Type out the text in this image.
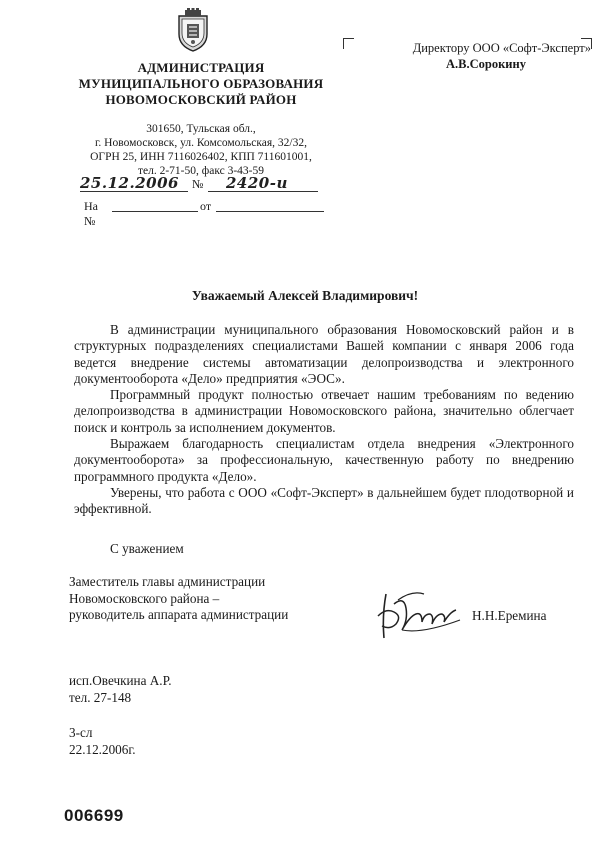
АДМИНИСТРАЦИЯ
МУНИЦИПАЛЬНОГО ОБРАЗОВАНИЯ
НОВОМОСКОВСКИЙ РАЙОН
301650, Тульская обл.,
г. Новомосковск, ул. Комсомольская, 32/32,
ОГРН 25, ИНН 7116026402, КПП 711601001,
тел. 2-71-50, факс 3-43-59
25.12.2006 № 2420-и
На №
от
Директору ООО «Софт-Эксперт»
А.В.Сорокину
Уважаемый Алексей Владимирович!

В администрации муниципального образования Новомосковский район и в структурных подразделениях специалистами Вашей компании с января 2006 года ведется внедрение системы автоматизации делопроизводства и электронного документооборота «Дело» предприятия «ЭОС».

Программный продукт полностью отвечает нашим требованиям по ведению делопроизводства в администрации Новомосковского района, значительно облегчает поиск и контроль за исполнением документов.

Выражаем благодарность специалистам отдела внедрения «Электронного документооборота» за профессиональную, качественную работу по внедрению программного продукта «Дело».

Уверены, что работа с ООО «Софт-Эксперт» в дальнейшем будет плодотворной и эффективной.

С уважением
Заместитель главы администрации
Новомосковского района –
руководитель аппарата администрации	Н.Н.Еремина
исп.Овечкина А.Р.
тел. 27-148
3-сл
22.12.2006г.
006699
